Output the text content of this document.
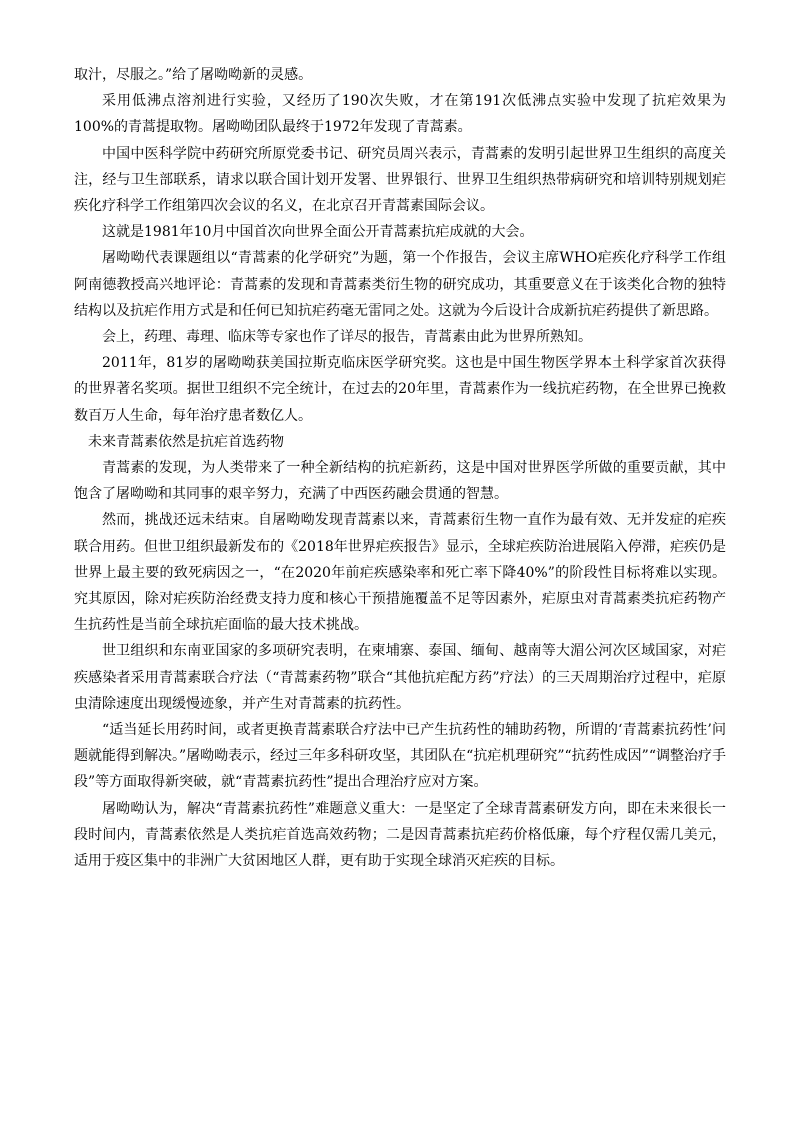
取汁，尽服之。”给了屠呦呦新的灵感。

采用低沸点溶剂进行实验，又经历了190次失败，才在第191次低沸点实验中发现了抗疟效果为100%的青蒿提取物。屠呦呦团队最终于1972年发现了青蒿素。

中国中医科学院中药研究所原党委书记、研究员周兴表示，青蒿素的发明引起世界卫生组织的高度关注，经与卫生部联系，请求以联合国计划开发署、世界银行、世界卫生组织热带病研究和培训特别规划疟疾化疗科学工作组第四次会议的名义，在北京召开青蒿素国际会议。

这就是1981年10月中国首次向世界全面公开青蒿素抗疟成就的大会。

屠呦呦代表课题组以“青蒿素的化学研究”为题，第一个作报告，会议主席WHO疟疾化疗科学工作组阿南德教授高兴地评论：青蒿素的发现和青蒿素类衍生物的研究成功，其重要意义在于该类化合物的独特结构以及抗疟作用方式是和任何已知抗疟药毫无雷同之处。这就为今后设计合成新抗疟药提供了新思路。

会上，药理、毒理、临床等专家也作了详尽的报告，青蒿素由此为世界所熟知。

2011年，81岁的屠呦呦获美国拉斯克临床医学研究奖。这也是中国生物医学界本土科学家首次获得的世界著名奖项。据世卫组织不完全统计，在过去的20年里，青蒿素作为一线抗疟药物，在全世界已挽救数百万人生命，每年治疗患者数亿人。

未来青蒿素依然是抗疟首选药物

青蒿素的发现，为人类带来了一种全新结构的抗疟新药，这是中国对世界医学所做的重要贡献，其中饱含了屠呦呦和其同事的艰辛努力，充满了中西医药融会贯通的智慧。

然而，挑战还远未结束。自屠呦呦发现青蒿素以来，青蒿素衍生物一直作为最有效、无并发症的疟疾联合用药。但世卫组织最新发布的《2018年世界疟疾报告》显示，全球疟疾防治进展陷入停滞，疟疾仍是世界上最主要的致死病因之一，“在2020年前疟疾感染率和死亡率下降40%”的阶段性目标将难以实现。究其原因，除对疟疾防治经费支持力度和核心干预措施覆盖不足等因素外，疟原虫对青蒿素类抗疟药物产生抗药性是当前全球抗疟面临的最大技术挑战。

世卫组织和东南亚国家的多项研究表明，在柬埔寨、泰国、缅甸、越南等大湄公河次区域国家，对疟疾感染者采用青蒿素联合疗法（“青蒿素药物”联合“其他抗疟配方药”疗法）的三天周期治疗过程中，疟原虫清除速度出现缓慢迹象，并产生对青蒿素的抗药性。

“适当延长用药时间，或者更换青蒿素联合疗法中已产生抗药性的辅助药物，所谓的‘青蒿素抗药性’问题就能得到解决。”屠呦呦表示，经过三年多科研攻坚，其团队在“抗疟机理研究”“抗药性成因”“调整治疗手段”等方面取得新突破，就“青蒿素抗药性”提出合理治疗应对方案。

屠呦呦认为，解决“青蒿素抗药性”难题意义重大：一是坚定了全球青蒿素研发方向，即在未来很长一段时间内，青蒿素依然是人类抗疟首选高效药物；二是因青蒿素抗疟药价格低廉，每个疗程仅需几美元，适用于疫区集中的非洲广大贫困地区人群，更有助于实现全球消灭疟疾的目标。
